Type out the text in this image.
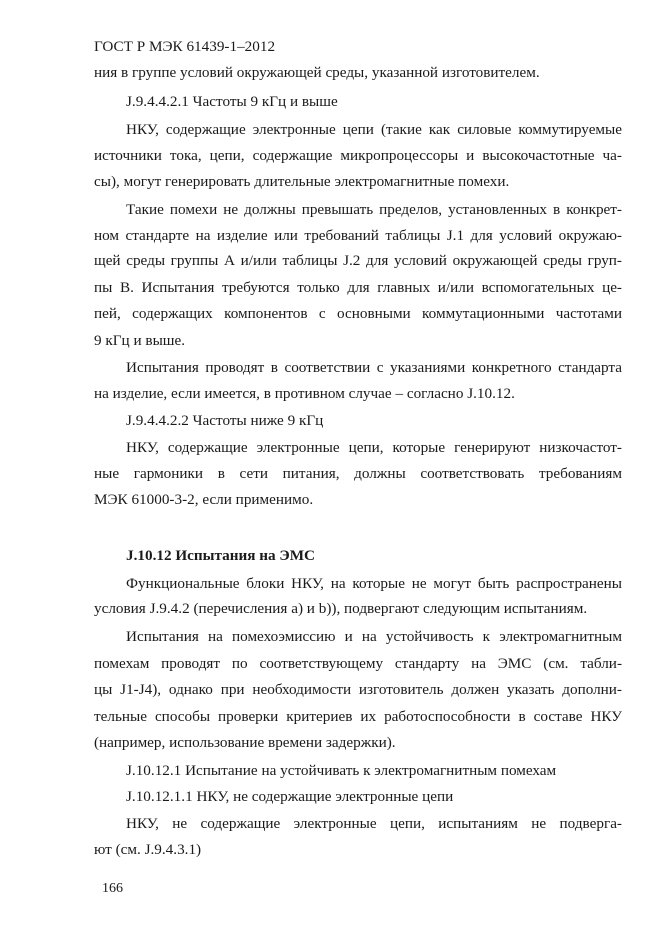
ГОСТ Р МЭК 61439-1–2012
ния в группе условий окружающей среды, указанной изготовителем.
J.9.4.4.2.1 Частоты 9 кГц и выше
НКУ, содержащие электронные цепи (такие как силовые коммутируемые
источники тока, цепи, содержащие микропроцессоры и высокочастотные ча-
сы), могут генерировать длительные электромагнитные помехи.
Такие помехи не должны превышать пределов, установленных в конкрет-
ном стандарте на изделие или требований таблицы J.1 для условий окружаю-
щей среды группы А и/или таблицы J.2 для условий окружающей среды груп-
пы В. Испытания требуются только для главных и/или вспомогательных це-
пей, содержащих компонентов с основными коммутационными частотами
9 кГц и выше.
Испытания проводят в соответствии с указаниями конкретного стандарта
на изделие, если имеется, в противном случае – согласно J.10.12.
J.9.4.4.2.2 Частоты ниже 9 кГц
НКУ, содержащие электронные цепи, которые генерируют низкочастот-
ные гармоники в сети питания, должны соответствовать требованиям
МЭК 61000-3-2, если применимо.
J.10.12 Испытания на ЭМС
Функциональные блоки НКУ, на которые не могут быть распространены
условия J.9.4.2 (перечисления а) и b)), подвергают следующим испытаниям.
Испытания на помехоэмиссию и на устойчивость к электромагнитным
помехам проводят по соответствующему стандарту на ЭМС (см. табли-
цы J1-J4), однако при необходимости изготовитель должен указать дополни-
тельные способы проверки критериев их работоспособности в составе НКУ
(например, использование времени задержки).
J.10.12.1 Испытание на устойчивать к электромагнитным помехам
J.10.12.1.1 НКУ, не содержащие электронные цепи
НКУ, не содержащие электронные цепи, испытаниям не подверга-
ют (см. J.9.4.3.1)
166
